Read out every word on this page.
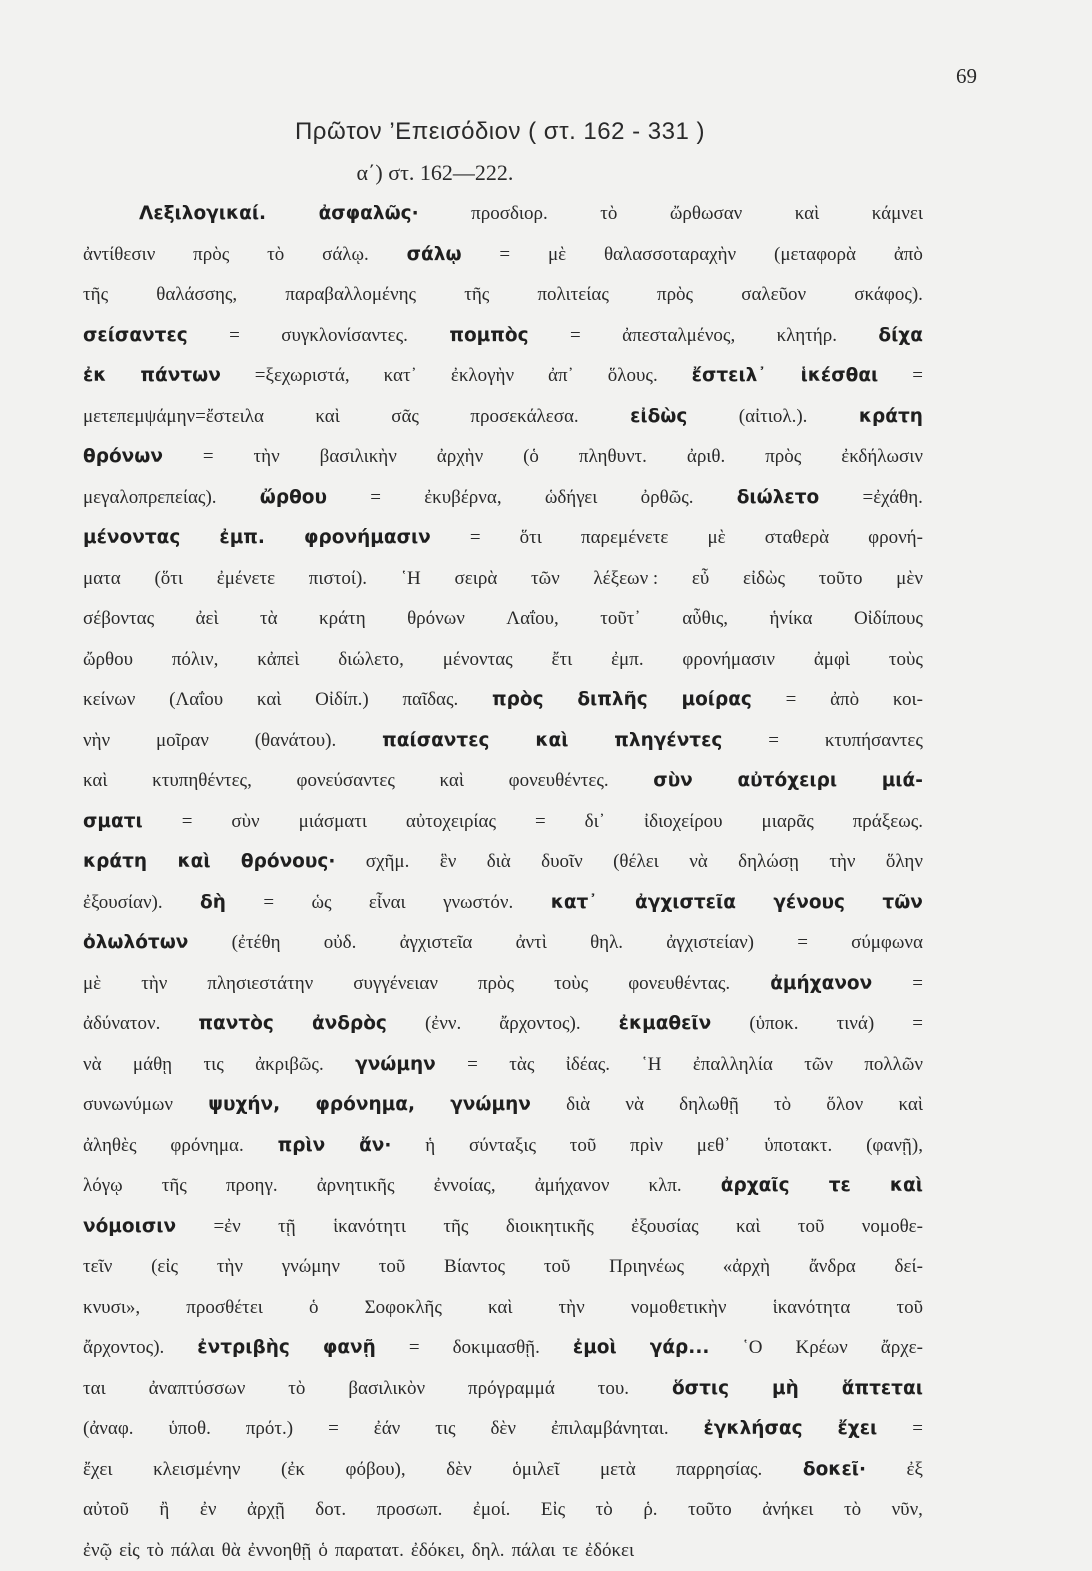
69
Πρῶτον ’Επεισόδιον ( στ. 162 - 331 )
α΄) στ. 162—222.
Λεξιλογικαί.	ἀσφαλῶς·	προσδιορ.	τὸ	ὤρθωσαν	καὶ	κάμνει
ἀντίθεσιν πρὸς τὸ σάλῳ. σάλῳ = μὲ θαλασσοταραχὴν (μεταφορὰ ἀπὸ
τῆς	θαλάσσης,	παραβαλλομένης	τῆς	πολιτείας	πρὸς	σαλεῦον	σκάφος).
σείσαντες = συγκλονίσαντες. πομπὸς = ἀπεσταλμένος, κλητήρ. δίχα
ἐκ πάντων =ξεχωριστά, κατ᾽ ἐκλογὴν ἀπ᾽ ὅλους. ἔστειλ᾽ ἱκέσθαι =
μετεπεμψάμην=ἔστειλα	καὶ	σᾶς	προσεκάλεσα.	εἰδὼς	(αἰτιολ.).	κράτη
θρόνων = τὴν βασιλικὴν ἀρχὴν (ὁ πληθυντ. ἀριθ. πρὸς ἐκδήλωσιν
μεγαλοπρεπείας). ὤρθου = ἐκυβέρνα, ὡδήγει ὀρθῶς. διώλετο =ἐχάθη.
μένοντας ἐμπ. φρονήμασιν = ὅτι παρεμένετε μὲ σταθερὰ φρονή-
ματα (ὅτι ἐμένετε πιστοί). ῾Η σειρὰ τῶν λέξεων : εὖ εἰδὼς τοῦτο μὲν
σέβοντας ἀεὶ τὰ κράτη θρόνων Λαΐου, τοῦτ᾽ αὖθις, ἡνίκα Οἰδίπους
ὤρθου πόλιν, κἀπεὶ διώλετο, μένοντας ἔτι ἐμπ. φρονήμασιν ἀμφὶ τοὺς
κείνων (Λαΐου καὶ Οἰδίπ.) παῖδας. πρὸς διπλῆς μοίρας = ἀπὸ κοι-
νὴν μοῖραν (θανάτου). παίσαντες καὶ πληγέντες = κτυπήσαντες
καὶ κτυπηθέντες, φονεύσαντες καὶ φονευθέντες. σὺν αὐτόχειρι μιά-
σματι = σὺν μιάσματι αὐτοχειρίας = δι᾽ ἰδιοχείρου μιαρᾶς πράξεως.
κράτη καὶ θρόνους· σχῆμ. ἓν διὰ δυοῖν (θέλει νὰ δηλώσῃ τὴν ὅλην
ἐξουσίαν). δὴ = ὡς εἶναι γνωστόν. κατ᾽ ἀγχιστεῖα γένους τῶν
ὀλωλότων (ἐτέθη οὐδ. ἀγχιστεῖα ἀντὶ θηλ. ἀγχιστείαν) = σύμφωνα
μὲ τὴν πλησιεστάτην συγγένειαν πρὸς τοὺς φονευθέντας. ἀμήχανον =
ἀδύνατον. παντὸς ἀνδρὸς (ἐνν. ἄρχοντος). ἐκμαθεῖν (ὑποκ. τινά) =
νὰ μάθῃ τις ἀκριβῶς. γνώμην = τὰς ἰδέας. ῾Η ἐπαλληλία τῶν πολλῶν
συνωνύμων ψυχήν, φρόνημα, γνώμην διὰ νὰ δηλωθῇ τὸ ὅλον καὶ
ἀληθὲς φρόνημα. πρὶν ἄν· ἡ σύνταξις τοῦ πρὶν μεθ᾽ ὑποτακτ. (φανῇ),
λόγῳ τῆς προηγ. ἀρνητικῆς ἐννοίας, ἀμήχανον κλπ. ἀρχαῖς τε καὶ
νόμοισιν =ἐν τῇ ἱκανότητι τῆς διοικητικῆς ἐξουσίας καὶ τοῦ νομοθε-
τεῖν (εἰς τὴν γνώμην τοῦ Βίαντος τοῦ Πριηνέως «ἀρχὴ ἄνδρα δεί-
κνυσι», προσθέτει ὁ Σοφοκλῆς καὶ τὴν νομοθετικὴν ἱκανότητα τοῦ
ἄρχοντος). ἐντριβὴς φανῇ = δοκιμασθῇ. ἐμοὶ γάρ... ῾Ο Κρέων ἄρχε-
ται ἀναπτύσσων τὸ βασιλικὸν πρόγραμμά του. ὅστις μὴ ἅπτεται
(ἀναφ. ὑποθ. πρότ.) = ἐάν τις δὲν ἐπιλαμβάνηται. ἐγκλήσας ἔχει =
ἔχει κλεισμένην (ἐκ φόβου), δὲν ὁμιλεῖ μετὰ παρρησίας. δοκεῖ· ἐξ
αὐτοῦ ἢ ἐν ἀρχῇ δοτ. προσωπ. ἐμοί. Εἰς τὸ ῥ. τοῦτο ἀνήκει τὸ νῦν,
ἐνῷ εἰς τὸ πάλαι θὰ ἐννοηθῇ ὁ παρατατ. ἐδόκει, δηλ. πάλαι τε ἐδόκει
